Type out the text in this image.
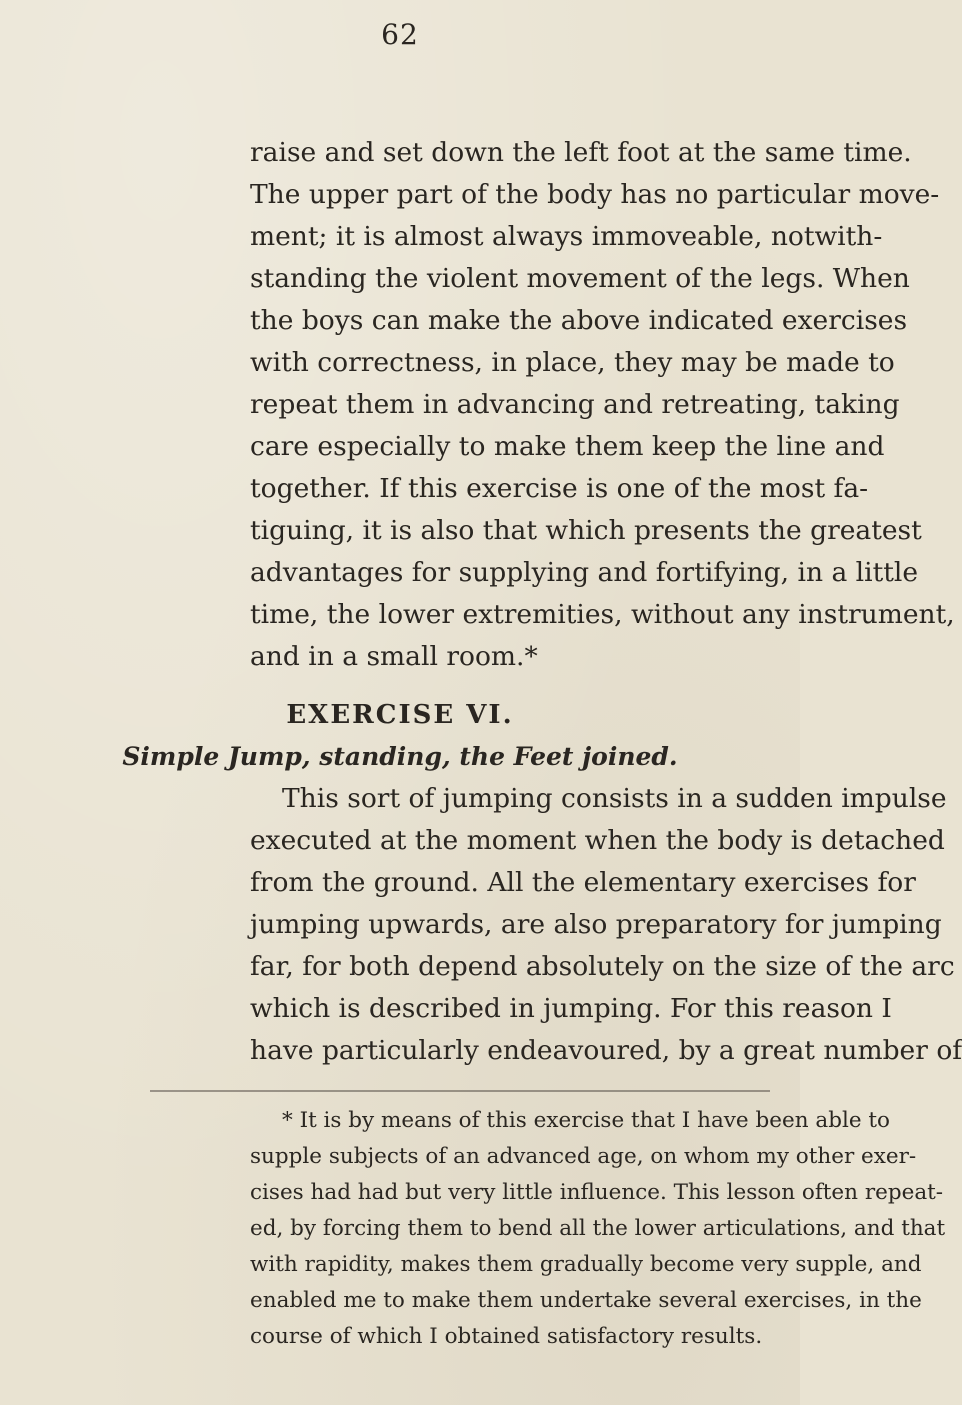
62
raise and set down the left foot at the same time.
The upper part of the body has no particular move-
ment; it is almost always immoveable, notwith-
standing the violent movement of the legs. When
the boys can make the above indicated exercises
with correctness, in place, they may be made to
repeat them in advancing and retreating, taking
care especially to make them keep the line and
together. If this exercise is one of the most fa-
tiguing, it is also that which presents the greatest
advantages for supplying and fortifying, in a little
time, the lower extremities, without any instrument,
and in a small room.*
EXERCISE VI.
Simple Jump, standing, the Feet joined.
This sort of jumping consists in a sudden impulse
executed at the moment when the body is detached
from the ground. All the elementary exercises for
jumping upwards, are also preparatory for jumping
far, for both depend absolutely on the size of the arc
which is described in jumping. For this reason I
have particularly endeavoured, by a great number of
* It is by means of this exercise that I have been able to
supple subjects of an advanced age, on whom my other exer-
cises had had but very little influence. This lesson often repeat-
ed, by forcing them to bend all the lower articulations, and that
with rapidity, makes them gradually become very supple, and
enabled me to make them undertake several exercises, in the
course of which I obtained satisfactory results.
